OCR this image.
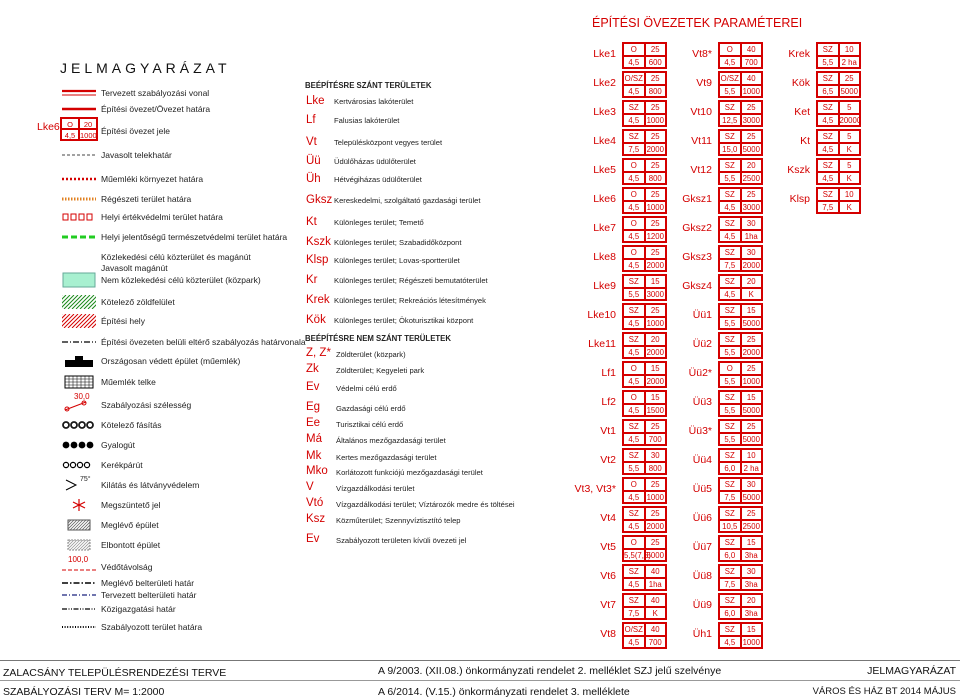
JELMAGYARÁZAT
Tervezett szabályozási vonal
Építési övezet/Övezet határa
Építési övezet jele
Javasolt telekhatár
Műemléki környezet határa
Régészeti terület határa
Helyi értékvédelmi terület határa
Helyi jelentőségű természetvédelmi terület határa
Közlekedési célú közterület és magánút
Javasolt magánút
Nem közlekedési célú közterület (közpark)
Kötelező zöldfelület
Építési hely
Építési övezeten belüli eltérő szabályozás határvonala
Országosan védett épület (műemlék)
Műemlék telke
Szabályozási szélesség
Kötelező fásítás
Gyalogút
Kerékpárút
Kilátás és látványvédelem
Megszüntető jel
Meglévő épület
Elbontott épület
Védőtávolság
Meglévő belterületi határ
Tervezett belterületi határ
Közigazgatási határ
Szabályozott terület határa
30,0
75°
100,0
Lke6 O	20
4,5 1000
BEÉPÍTÉSRE SZÁNT TERÜLETEK
Lke Kertvárosias lakóterület
Lf Falusias lakóterület
Vt Településközpont vegyes terület
Üü Üdülőházas üdülőterület
Üh Hétvégiházas üdülőterület
Gksz Kereskedelmi, szolgáltató gazdasági terület
Kt Különleges terület; Temető
Kszk Különleges terület; Szabadidőközpont
Klsp Különleges terület; Lovas-sportterület
Kr Különleges terület; Régészeti bemutatóterület
Krek Különleges terület; Rekreációs létesítmények
Kök Különleges terület; Ökoturisztikai központ
BEÉPÍTÉSRE NEM SZÁNT TERÜLETEK
Z, Z* Zöldterület (közpark)
Zk Zöldterület; Kegyeleti park
Ev Védelmi célú erdő
Eg Gazdasági célú erdő
Ee Turisztikai célú erdő
Má Általános mezőgazdasági terület
Mk Kertes mezőgazdasági terület
Mko Korlátozott funkciójú mezőgazdasági terület
V	Vízgazdálkodási terület
Vtó Vízgazdálkodási terület; Víztározók medre és töltései
Ksz Közműterület; Szennyvíztisztító telep
Ev Szabályozott területen kívüli övezeti jel
ÉPÍTÉSI ÖVEZETEK PARAMÉTEREI
Lke1	O	25
4,5	600
Lke2 O/SZ	25
4,5	800
Lke3	SZ	25
4,5 1000
Lke4	SZ	25
7,5 2000
Lke5	O	25
4,5	800
Lke6	O	25
4,5 1000
Lke7	O	25
4,5 1200
Lke8	O	25
4,5 2000
Lke9	SZ	15
5,5 3000
Lke10	SZ	25
4,5 1000
Lke11	SZ	20
4,5 2000
Lf1	O	15
4,5 2000
Lf2	O	15
4,5 1500
Vt1	SZ	25
4,5	700
Vt2	SZ	30
5,5	800
Vt3, Vt3*	O	25
4,5 1000
Vt4	SZ	25
4,5 2000
Vt5	O	25
5,5(7,5)
5000
Vt6	SZ	40
4,5	1ha
Vt7	SZ	40
7,5	K
Vt8 O/SZ	40
4,5	700
Vt8*	O	40
4,5	700
Vt9 O/SZ	40
5,5 1000
Vt10	SZ	25
12,5 3000
Vt11	SZ	25
15,0 5000
Vt12	SZ	20
5,5 2500
Gksz1	SZ	25
4,5 3000
Gksz2	SZ	30
4,5	1ha
Gksz3	SZ	30
7,5 2000
Gksz4	SZ	20
4,5	K
Üü1	SZ	15
5,5 5000
Üü2	SZ	25
5,5 2000
Üü2*	O	25
5,5 1000
Üü3	SZ	15
5,5 5000
Üü3*	SZ	25
5,5 5000
Üü4	SZ	10
6,0	2 ha
Üü5	SZ	30
7,5 5000
Üü6	SZ	25
10,5 2500
Üü7	SZ	15
6,0	3ha
Üü8	SZ	30
7,5	3ha
Üü9	SZ	20
6,0	3ha
Üh1	SZ	15
4,5 1000
Krek	SZ	10
5,5	2 ha
Kök	SZ	25
6,5 5000
Ket	SZ	5
4,5 20000
Kt	SZ	5
4,5	K
Kszk	SZ	5
4,5	K
Klsp	SZ	10
7,5	K
ZALACSÁNY TELEPÜLÉSRENDEZÉSI TERVE
SZABÁLYOZÁSI TERV M= 1:2000
A 9/2003. (XII.08.) önkormányzati rendelet 2. melléklet SZJ jelű szelvénye
A 6/2014. (V.15.) önkormányzati rendelet 3. melléklete
JELMAGYARÁZAT
VÁROS ÉS HÁZ BT 2014 MÁJUS
